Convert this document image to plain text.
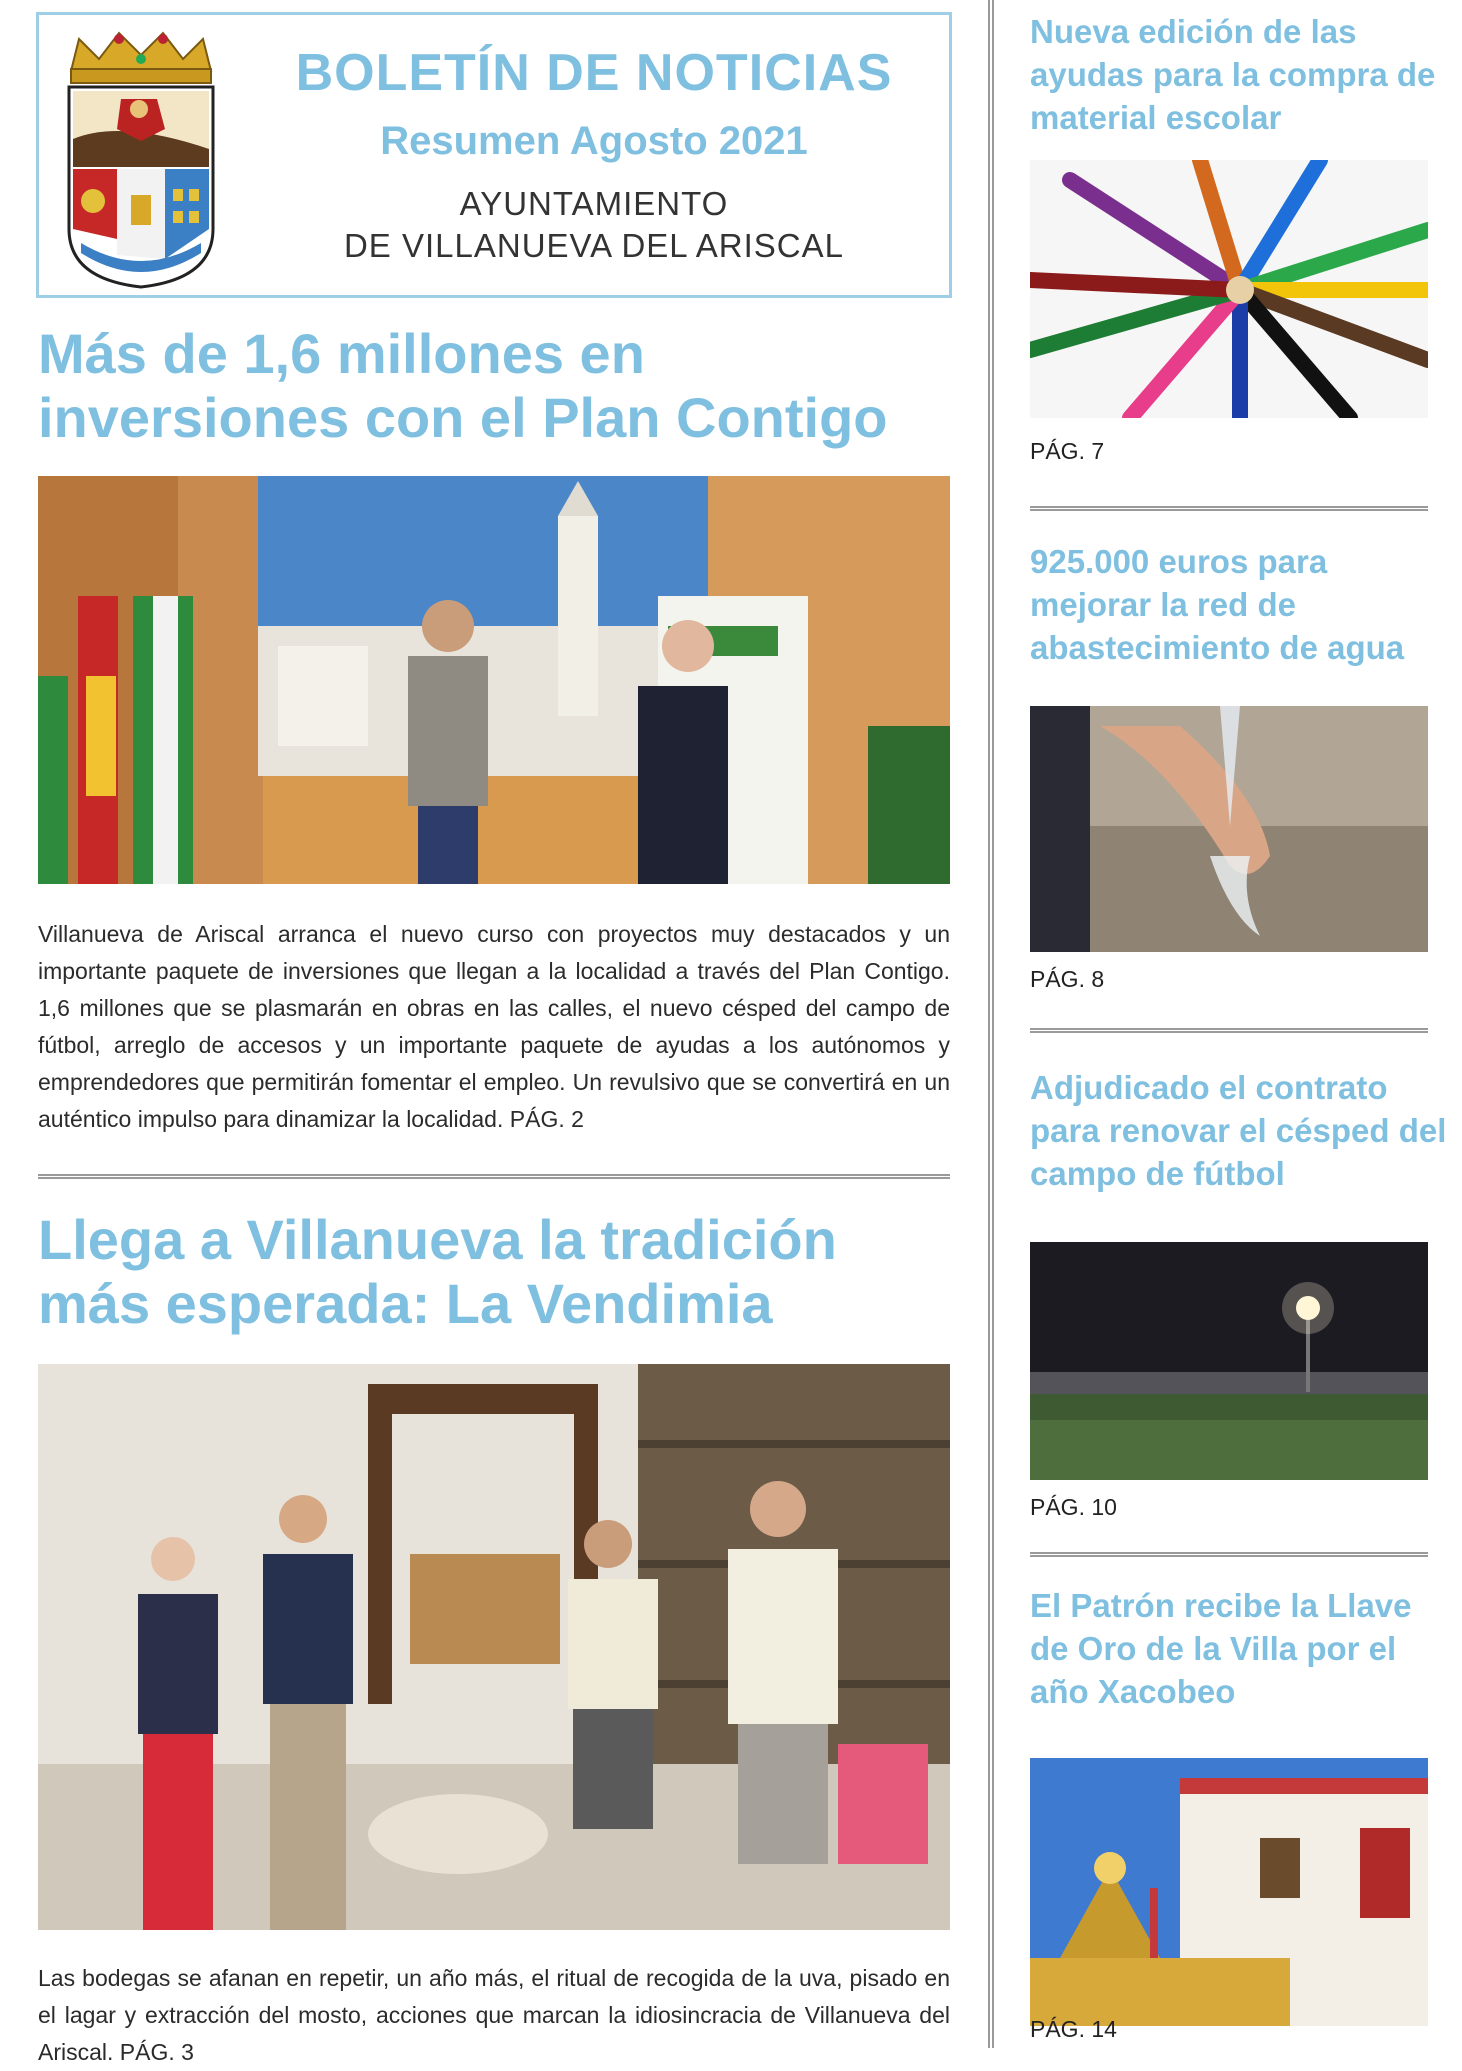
BOLETÍN DE NOTICIAS
Resumen Agosto 2021
AYUNTAMIENTO
DE VILLANUEVA DEL ARISCAL
Más de 1,6 millones en inversiones con el Plan Contigo
Villanueva de Ariscal arranca el nuevo curso con proyectos muy destacados y un importante paquete de inversiones que llegan a la localidad a través del Plan Contigo. 1,6 millones que se plasmarán en obras en las calles, el nuevo césped del campo de fútbol, arreglo de accesos y un importante paquete de ayudas a los autónomos y emprendedores que permitirán fomentar el empleo. Un revulsivo que se convertirá en un auténtico impulso para dinamizar la localidad. PÁG. 2
Llega a Villanueva la tradición más esperada: La Vendimia
Las bodegas se afanan en repetir, un año más, el ritual de recogida de la uva, pisado en el lagar y extracción del mosto, acciones que marcan la idiosincracia de Villanueva del Ariscal. PÁG. 3
Nueva edición de las ayudas para la compra de material escolar
PÁG. 7
925.000 euros para mejorar la red de abastecimiento de agua
PÁG. 8
Adjudicado el contrato para renovar el césped del campo de fútbol
PÁG. 10
El Patrón recibe la Llave de Oro de la Villa por el año Xacobeo
PÁG. 14
